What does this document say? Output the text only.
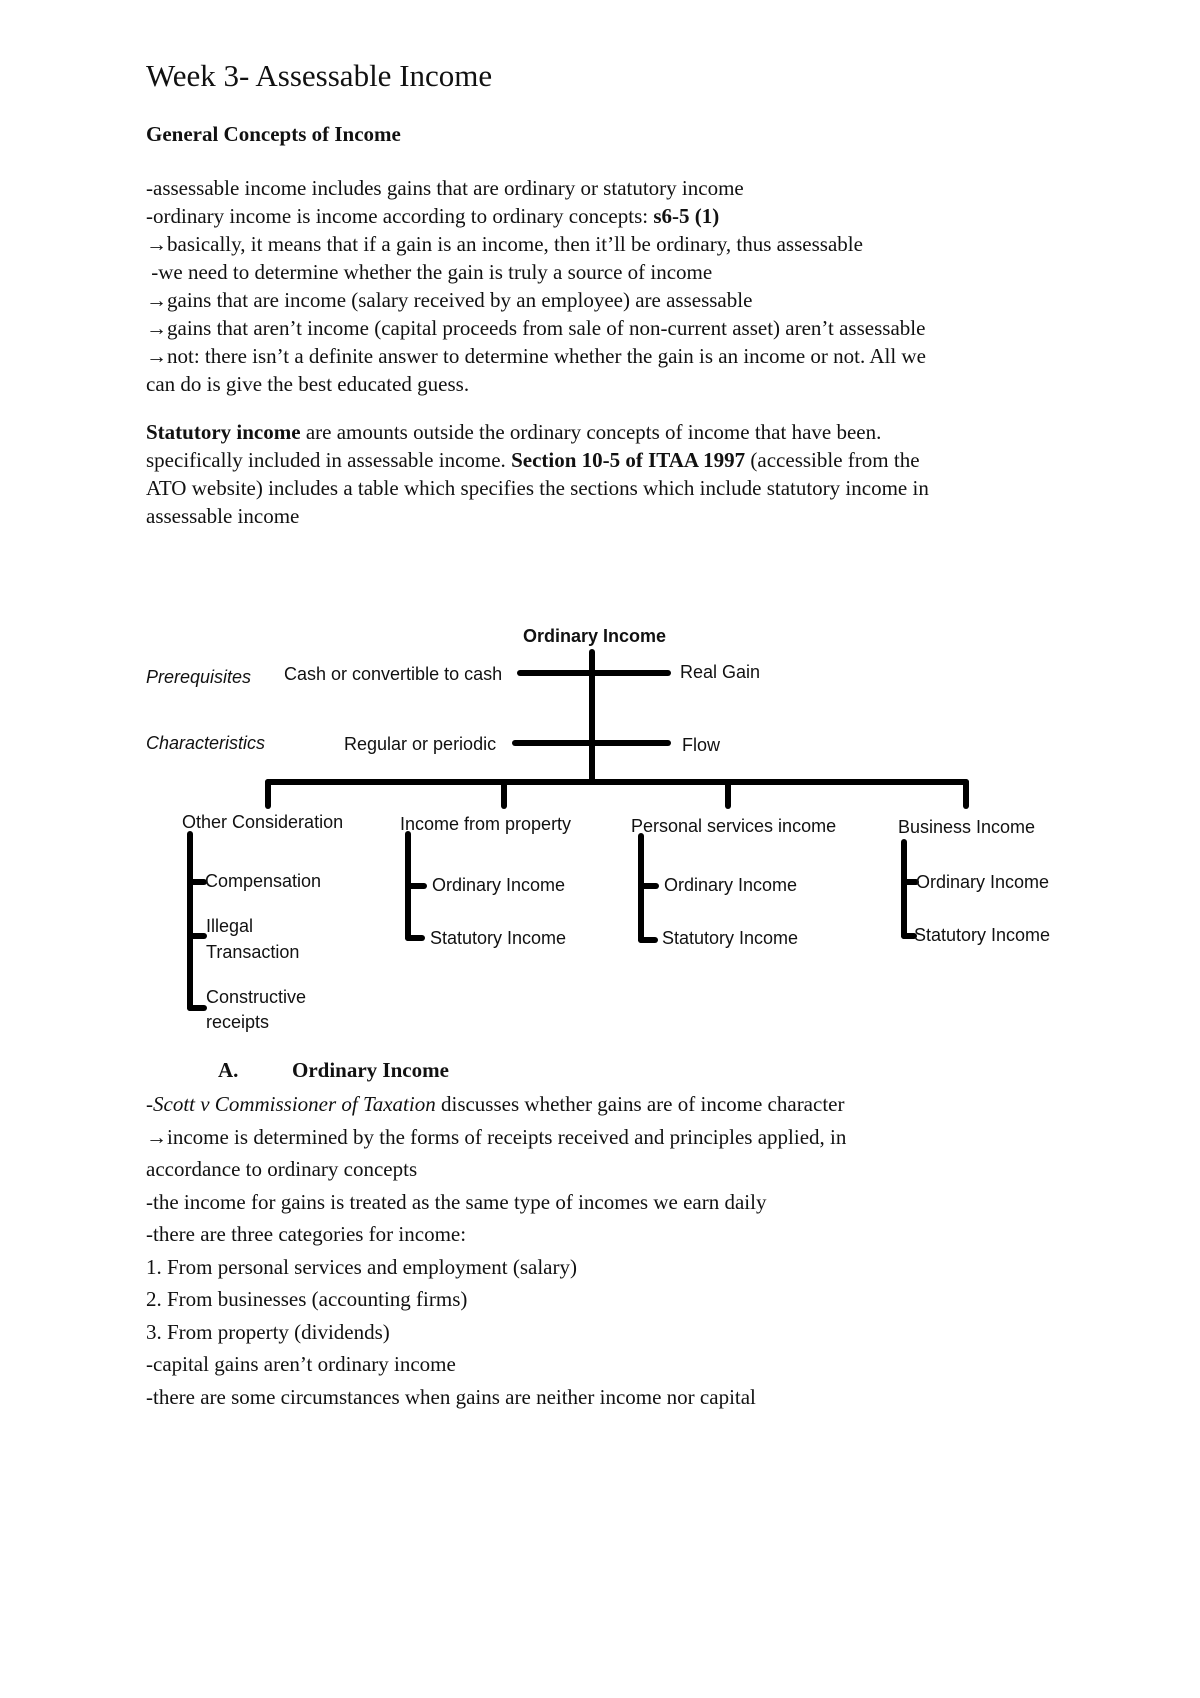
Week 3- Assessable Income
General Concepts of Income
-assessable income includes gains that are ordinary or statutory income
-ordinary income is income according to ordinary concepts: s6-5 (1)
→basically, it means that if a gain is an income, then it’ll be ordinary, thus assessable
-we need to determine whether the gain is truly a source of income
→gains that are income (salary received by an employee) are assessable
→gains that aren’t income (capital proceeds from sale of non-current asset) aren’t assessable
→not: there isn’t a definite answer to determine whether the gain is an income or not. All we
can do is give the best educated guess.
Statutory income are amounts outside the ordinary concepts of income that have been.
specifically included in assessable income. Section 10-5 of ITAA 1997 (accessible from the
ATO website) includes a table which specifies the sections which include statutory income in
assessable income
Ordinary Income
Prerequisites Cash or convertible to cash	Real Gain
Characteristics	Regular or periodic	Flow
Other Consideration	Income from property	Personal services income	Business Income
Compensation
Illegal
Transaction
Constructive
receipts
Ordinary Income
Statutory Income
Ordinary Income
Statutory Income
Ordinary Income
Statutory Income
A.	Ordinary Income
-Scott v Commissioner of Taxation discusses whether gains are of income character
→income is determined by the forms of receipts received and principles applied, in
accordance to ordinary concepts
-the income for gains is treated as the same type of incomes we earn daily
-there are three categories for income:
1. From personal services and employment (salary)
2. From businesses (accounting firms)
3. From property (dividends)
-capital gains aren’t ordinary income
-there are some circumstances when gains are neither income nor capital
